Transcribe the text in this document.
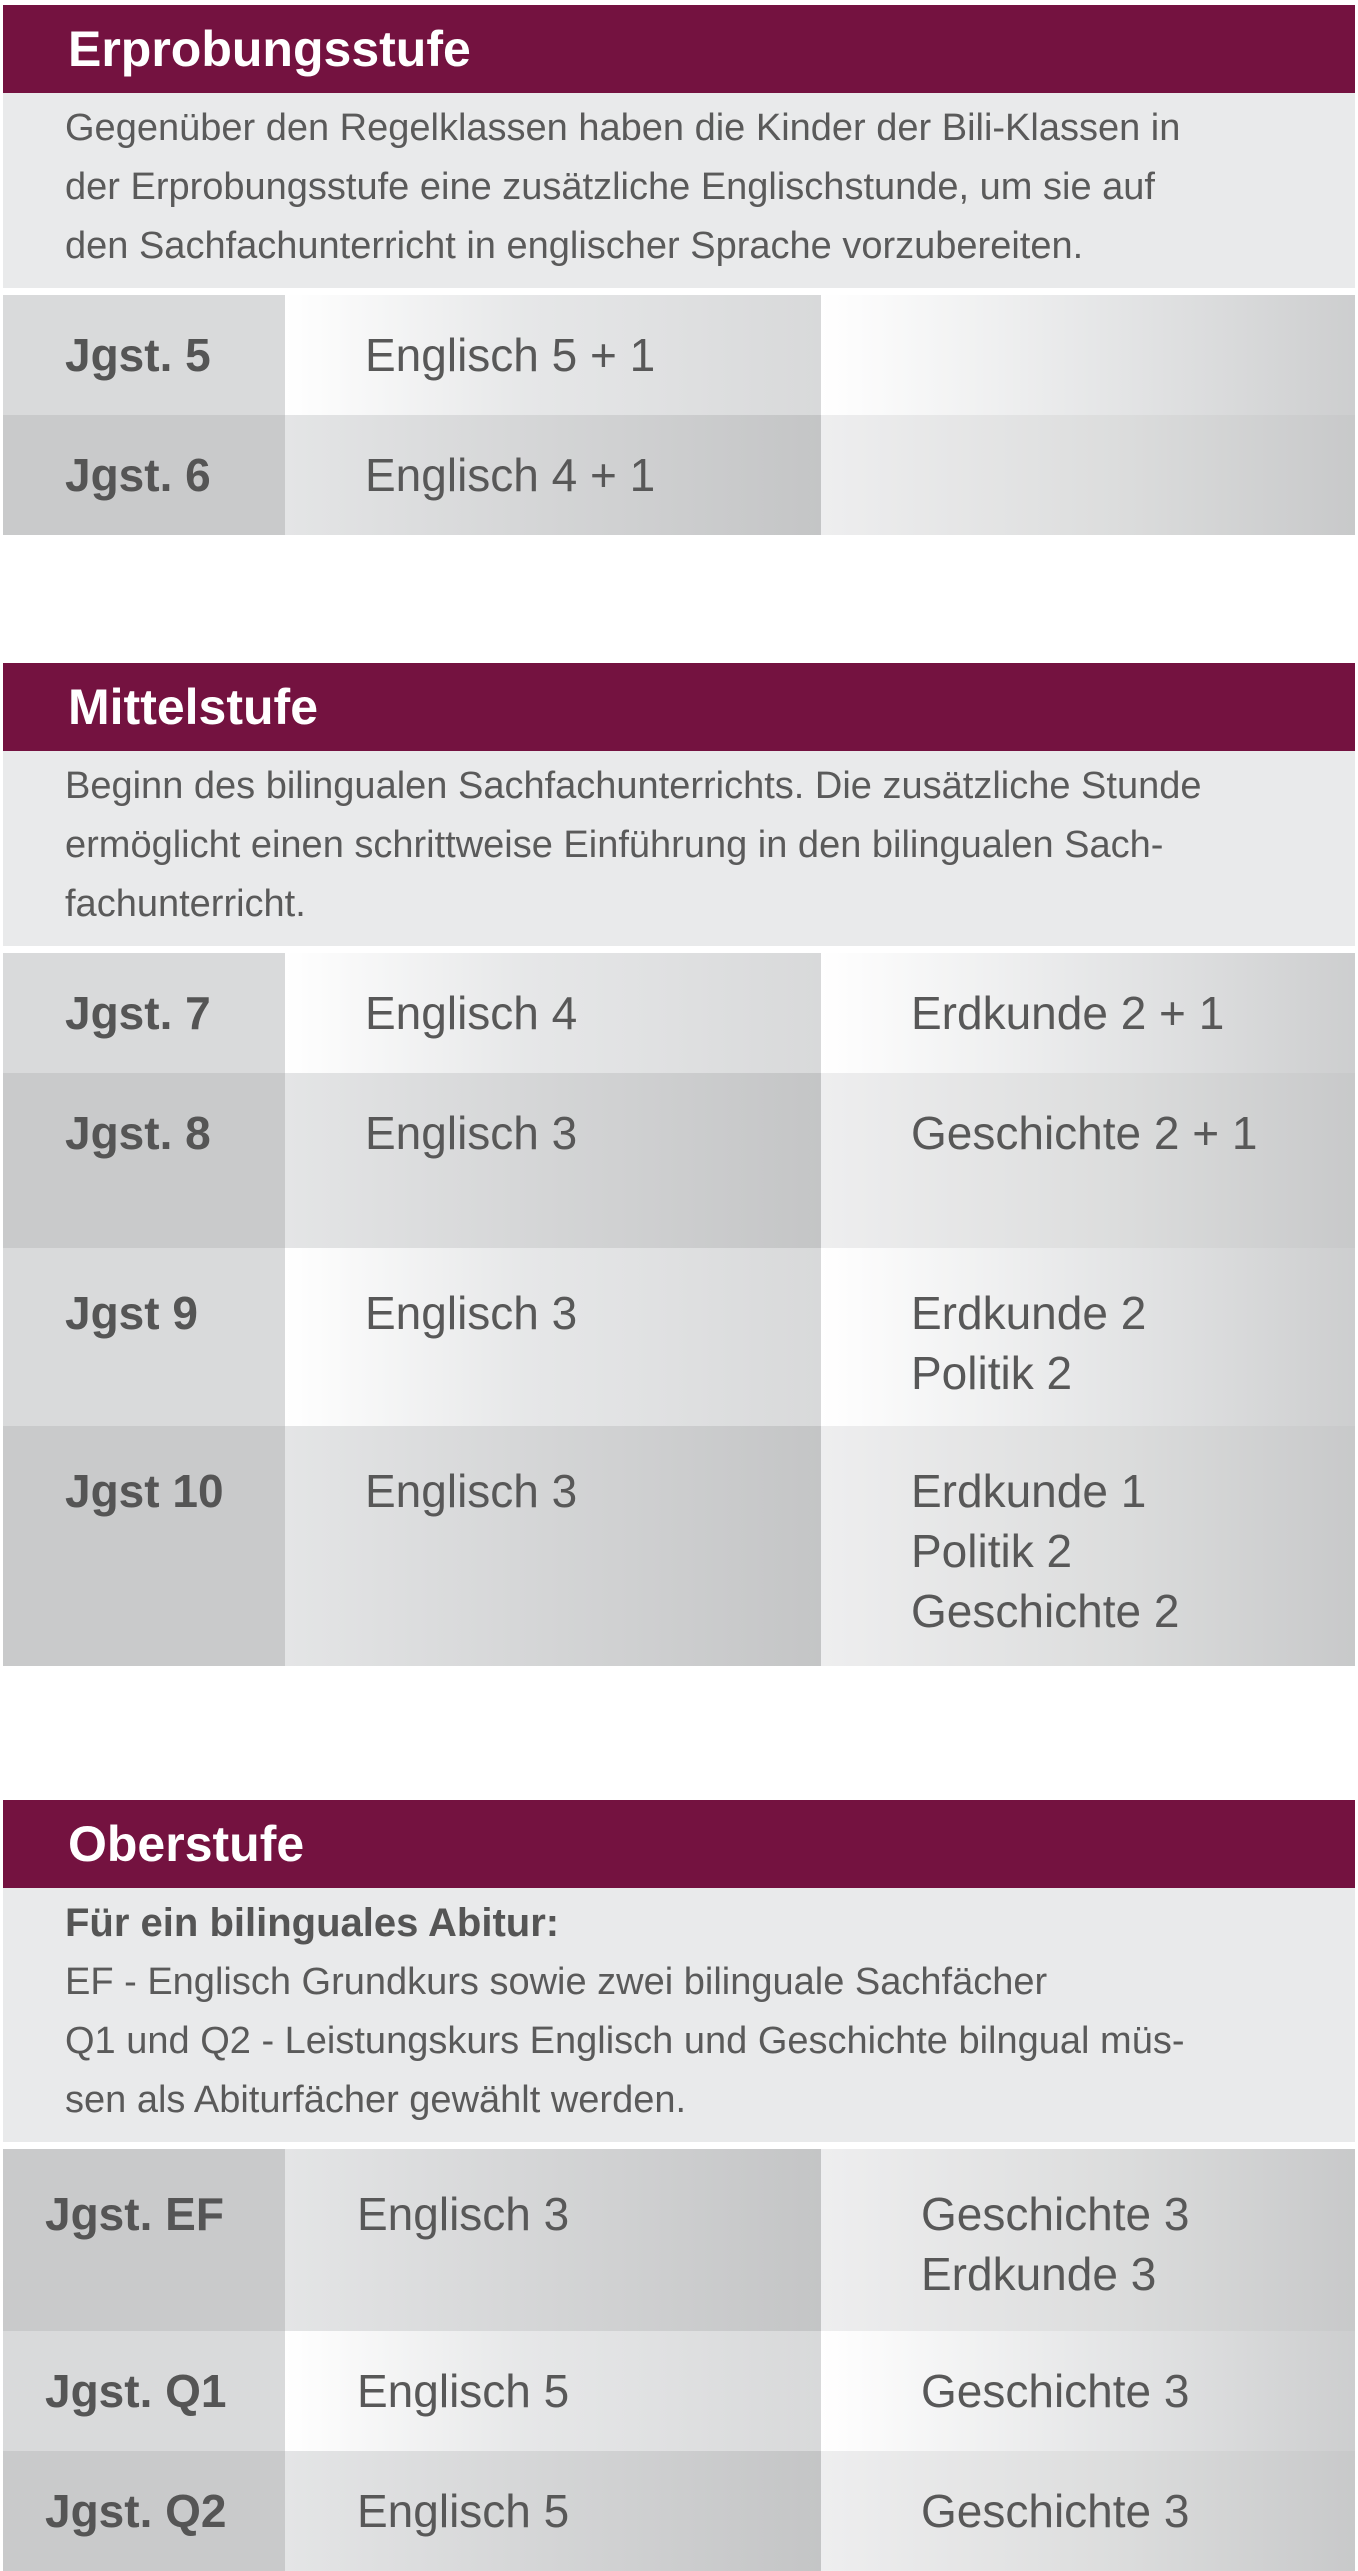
Erprobungsstufe
Gegenüber den Regelklassen haben die Kinder der Bili-Klassen in
der Erprobungsstufe eine zusätzliche Englischstunde, um sie auf
den Sachfachunterricht in englischer Sprache vorzubereiten.
Jgst. 5	Englisch 5 + 1
Jgst. 6	Englisch 4 + 1
Mittelstufe
Beginn des bilingualen Sachfachunterrichts. Die zusätzliche Stunde
ermöglicht einen schrittweise Einführung in den bilingualen Sach-
fachunterricht.
Jgst. 7	Englisch 4	Erdkunde 2 + 1
Jgst. 8	Englisch 3	Geschichte 2 + 1
Jgst 9	Englisch 3	Erdkunde 2
Politik 2
Jgst 10	Englisch 3	Erdkunde 1
Politik 2
Geschichte 2
Oberstufe
Für ein bilinguales Abitur:
EF - Englisch Grundkurs sowie zwei bilinguale Sachfächer
Q1 und Q2 - Leistungskurs Englisch und Geschichte bilngual müs-
sen als Abiturfächer gewählt werden.
Jgst. EF	Englisch 3	Geschichte 3
Erdkunde 3
Jgst. Q1	Englisch 5	Geschichte 3
Jgst. Q2	Englisch 5	Geschichte 3
